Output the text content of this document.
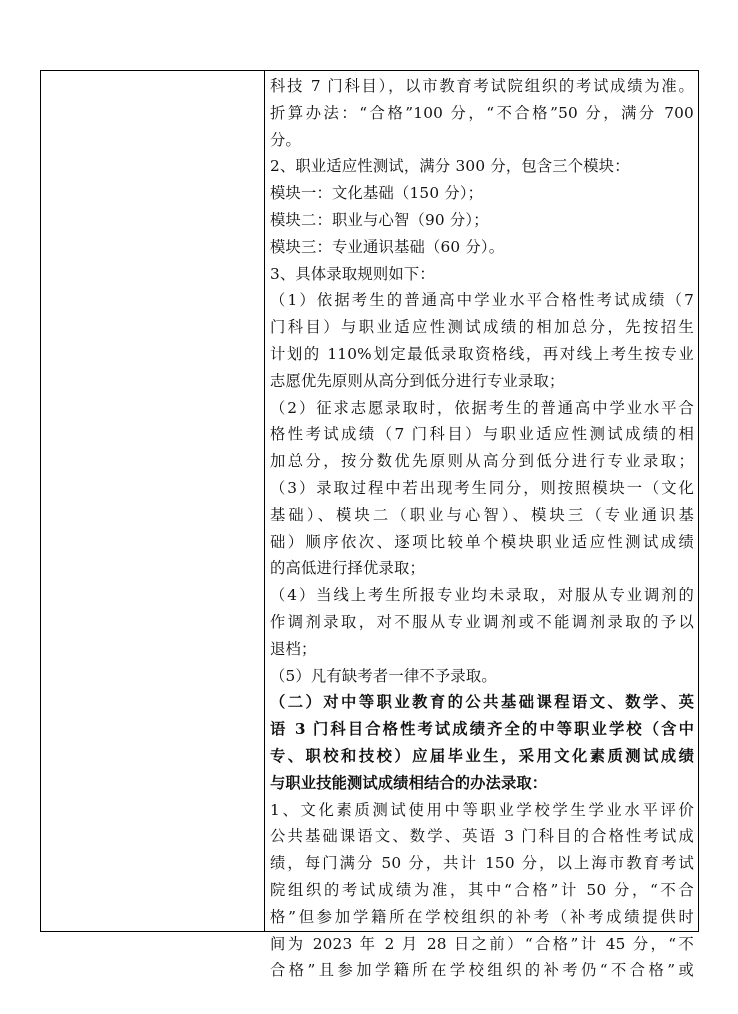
科技 7 门科目），以市教育考试院组织的考试成绩为准。
折算办法：“合格”100 分，“不合格”50 分，满分 700
分。
2、职业适应性测试，满分 300 分，包含三个模块：
模块一：文化基础（150 分）；
模块二：职业与心智（90 分）；
模块三：专业通识基础（60 分）。
3、具体录取规则如下：
（1）依据考生的普通高中学业水平合格性考试成绩（7
门科目）与职业适应性测试成绩的相加总分，先按招生
计划的 110%划定最低录取资格线，再对线上考生按专业
志愿优先原则从高分到低分进行专业录取；
（2）征求志愿录取时，依据考生的普通高中学业水平合
格性考试成绩（7 门科目）与职业适应性测试成绩的相
加总分，按分数优先原则从高分到低分进行专业录取；
（3）录取过程中若出现考生同分，则按照模块一（文化
基础）、模块二（职业与心智）、模块三（专业通识基
础）顺序依次、逐项比较单个模块职业适应性测试成绩
的高低进行择优录取；
（4）当线上考生所报专业均未录取，对服从专业调剂的
作调剂录取，对不服从专业调剂或不能调剂录取的予以
退档；
（5）凡有缺考者一律不予录取。
（二）对中等职业教育的公共基础课程语文、数学、英
语 3 门科目合格性考试成绩齐全的中等职业学校（含中
专、职校和技校）应届毕业生，采用文化素质测试成绩
与职业技能测试成绩相结合的办法录取：
1、文化素质测试使用中等职业学校学生学业水平评价
公共基础课语文、数学、英语 3 门科目的合格性考试成
绩，每门满分 50 分，共计 150 分，以上海市教育考试
院组织的考试成绩为准，其中“合格”计 50 分，“不合
格”但参加学籍所在学校组织的补考（补考成绩提供时
间为 2023 年 2 月 28 日之前）“合格”计 45 分，“不
合格”且参加学籍所在学校组织的补考仍“不合格”或
